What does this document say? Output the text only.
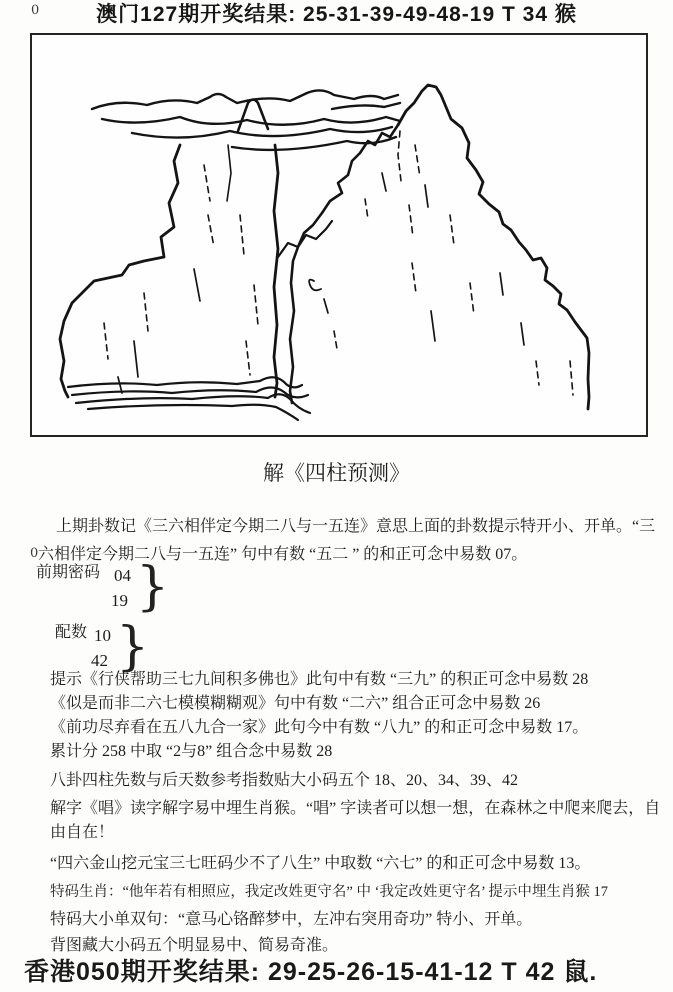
0	澳门127期开奖结果: 25-31-39-49-48-19 T 34 猴
解《四柱预测》
0

上期卦数记《三六相伴定今期二八与一五连》意思上面的卦数提示特开小、开单。“三六相伴定今期二八与一五连” 句中有数 “五二 ” 的和正可念中易数 07。

前期密码 04
19 }
配数 10
42 }

提示《行侠帮助三七九间积多佛也》此句中有数 “三九” 的积正可念中易数 28

《似是而非二六七模模糊糊观》句中有数 “二六” 组合正可念中易数 26

《前功尽弃看在五八九合一家》此句今中有数 “八九” 的和正可念中易数 17。

累计分 258 中取 “2与8” 组合念中易数 28

八卦四柱先数与后天数参考指数贴大小码五个 18、20、34、39、42

解字《唱》读字解字易中埋生肖猴。“唱” 字读者可以想一想，在森林之中爬来爬去，自由自在！

“四六金山挖元宝三七旺码少不了八生” 中取数 “六七” 的和正可念中易数 13。

特码生肖：“他年若有相照应，我定改姓更守名” 中 ‘我定改姓更守名’ 提示中埋生肖猴 17

特码大小单双句：“意马心铬醉梦中，左冲右突用奇功” 特小、开单。

背图藏大小码五个明显易中、简易奇准。

香港050期开奖结果: 29-25-26-15-41-12 T 42 鼠.
